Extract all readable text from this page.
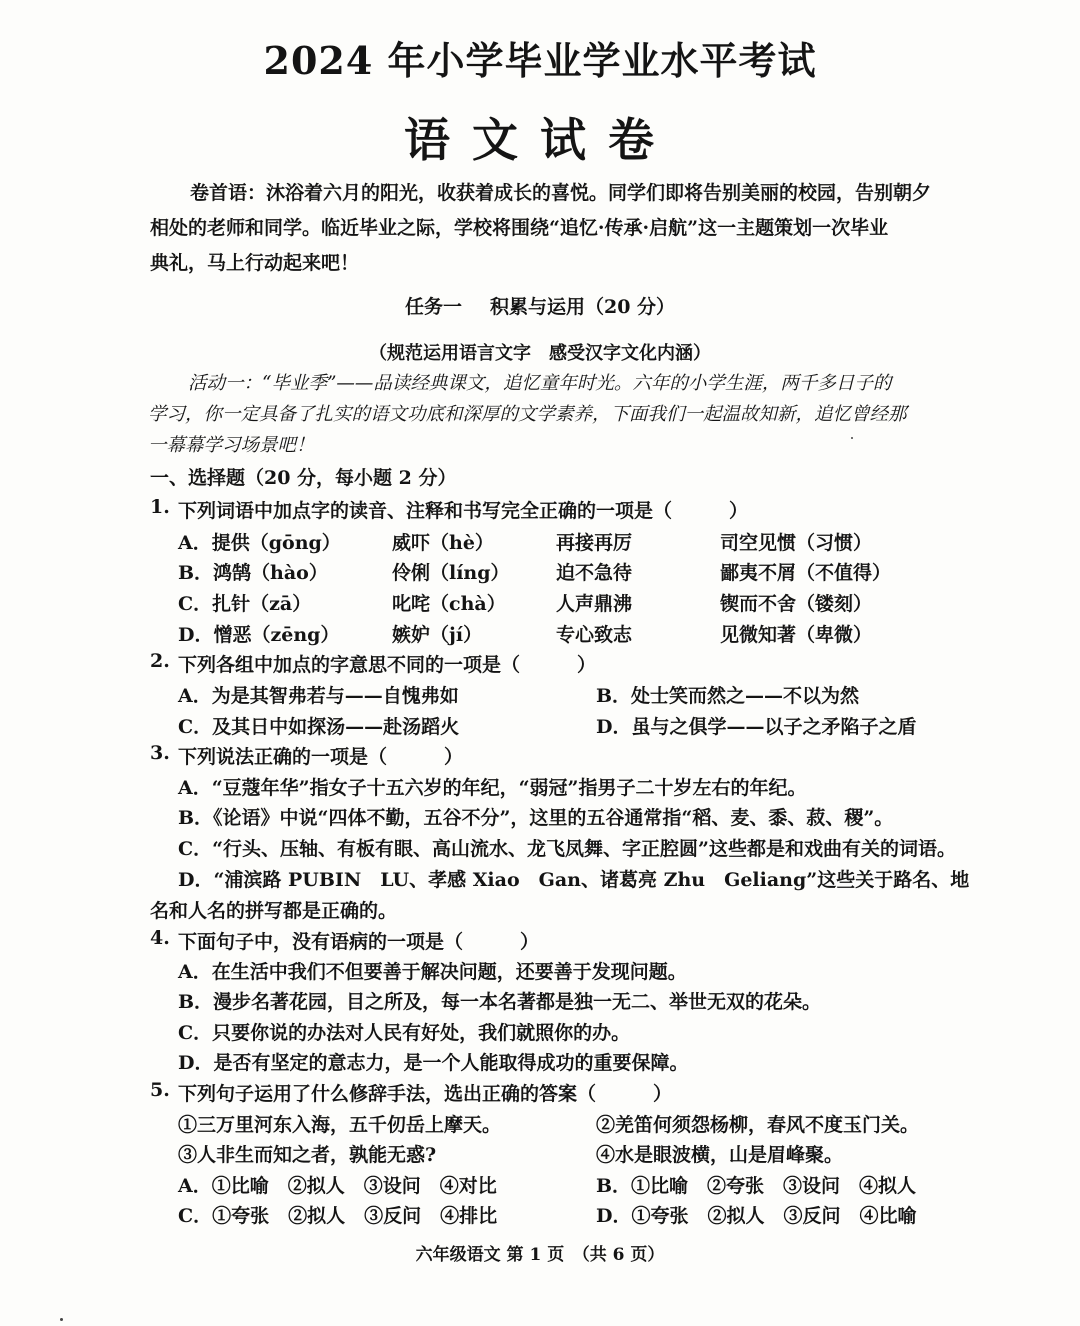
2024 年小学毕业学业水平考试
语文试卷
卷首语：沐浴着六月的阳光，收获着成长的喜悦。同学们即将告别美丽的校园，告别朝夕
相处的老师和同学。临近毕业之际，学校将围绕“追忆·传承·启航”这一主题策划一次毕业
典礼，马上行动起来吧！
任务一 积累与运用（20 分）
（规范运用语言文字　感受汉字文化内涵）
活动一：“毕业季”——品读经典课文，追忆童年时光。六年的小学生涯，两千多日子的
学习，你一定具备了扎实的语文功底和深厚的文学素养，下面我们一起温故知新，追忆曾经那
一幕幕学习场景吧！
一、选择题（20 分，每小题 2 分）
1. 下列词语中加点字的读音、注释和书写完全正确的一项是（　　　）
A．提供（gōng）	威吓（hè）	再接再厉	司空见惯（习惯）
B．鸿鹄（hào）	伶俐（líng） 迫不急待	鄙夷不屑（不值得）
C．扎针（zā）	叱咤（chà）	人声鼎沸	锲而不舍（镂刻）
D．憎恶（zēng）	嫉妒（jí）	专心致志	见微知著（卑微）
2. 下列各组中加点的字意思不同的一项是（　　　）
A．为是其智弗若与——自愧弗如	B．处士笑而然之——不以为然
C．及其日中如探汤——赴汤蹈火	D．虽与之俱学——以子之矛陷子之盾
3. 下列说法正确的一项是（　　　）
A．“豆蔻年华”指女子十五六岁的年纪，“弱冠”指男子二十岁左右的年纪。
B．《论语》中说“四体不勤，五谷不分”，这里的五谷通常指“稻、麦、黍、菽、稷”。
C．“行头、压轴、有板有眼、高山流水、龙飞凤舞、字正腔圆”这些都是和戏曲有关的词语。
D．“浦滨路 PUBIN　LU、孝感 Xiao　Gan、诸葛亮 Zhu　Geliang”这些关于路名、地
名和人名的拼写都是正确的。
4. 下面句子中，没有语病的一项是（　　　）
A．在生活中我们不但要善于解决问题，还要善于发现问题。
B．漫步名著花园，目之所及，每一本名著都是独一无二、举世无双的花朵。
C．只要你说的办法对人民有好处，我们就照你的办。
D．是否有坚定的意志力，是一个人能取得成功的重要保障。
5. 下列句子运用了什么修辞手法，选出正确的答案（　　　）
①三万里河东入海，五千仞岳上摩天。	②羌笛何须怨杨柳，春风不度玉门关。
③人非生而知之者，孰能无惑?	④水是眼波横，山是眉峰聚。
A．①比喻　②拟人　③设问　④对比	B．①比喻　②夸张　③设问　④拟人
C．①夸张　②拟人　③反问　④排比	D．①夸张　②拟人　③反问　④比喻
六年级语文 第 1 页　（共 6 页）
